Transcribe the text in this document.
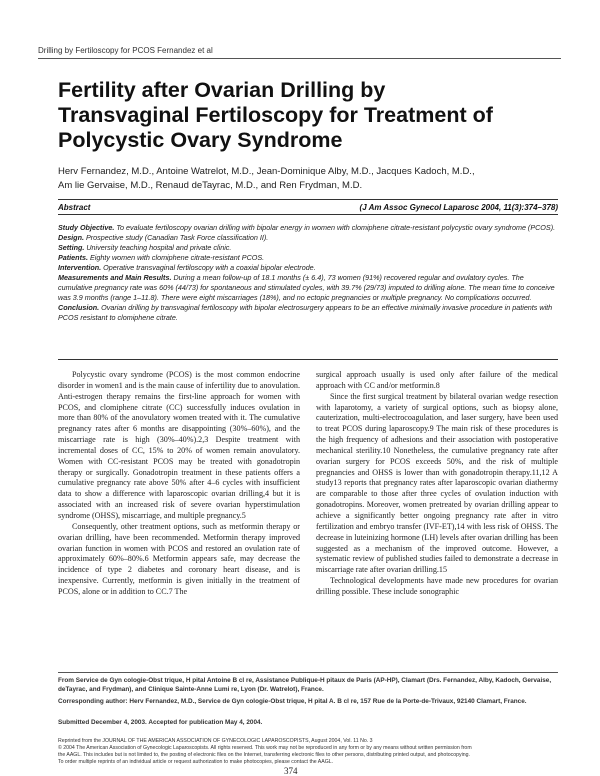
Drilling by Fertiloscopy for PCOS Fernandez et al
Fertility after Ovarian Drilling by
Transvaginal Fertiloscopy for Treatment of
Polycystic Ovary Syndrome
Herv Fernandez, M.D., Antoine Watrelot, M.D., Jean-Dominique Alby, M.D., Jacques Kadoch, M.D.,
Am lie Gervaise, M.D., Renaud deTayrac, M.D., and Ren Frydman, M.D.
Abstract	(J Am Assoc Gynecol Laparosc 2004, 11(3):374–378)

Study Objective. To evaluate fertiloscopy ovarian drilling with bipolar energy in women with clomiphene citrate-resistant polycystic ovary syndrome (PCOS).

Design. Prospective study (Canadian Task Force classification II).

Setting. University teaching hospital and private clinic.

Patients. Eighty women with clomiphene citrate-resistant PCOS.

Intervention. Operative transvaginal fertiloscopy with a coaxial bipolar electrode.

Measurements and Main Results. During a mean follow-up of 18.1 months (± 6.4), 73 women (91%) recovered regular and ovulatory cycles. The cumulative pregnancy rate was 60% (44/73) for spontaneous and stimulated cycles, with 39.7% (29/73) imputed to drilling alone. The mean time to conceive was 3.9 months (range 1–11.8). There were eight miscarriages (18%), and no ectopic pregnancies or multiple pregnancy. No complications occurred.

Conclusion. Ovarian drilling by transvaginal fertiloscopy with bipolar electrosurgery appears to be an effective minimally invasive procedure in patients with PCOS resistant to clomiphene citrate.

Polycystic ovary syndrome (PCOS) is the most common endocrine disorder in women1 and is the main cause of infertility due to anovulation. Anti-estrogen therapy remains the first-line approach for women with PCOS, and clomiphene citrate (CC) successfully induces ovulation in more than 80% of the anovulatory women treated with it. The cumulative pregnancy rates after 6 months are disappointing (30%–60%), and the miscarriage rate is high (30%–40%).2,3 Despite treatment with incremental doses of CC, 15% to 20% of women remain anovulatory. Women with CC-resistant PCOS may be treated with gonadotropin therapy or surgically. Gonadotropin treatment in these patients offers a cumulative pregnancy rate above 50% after 4–6 cycles with insufficient data to show a difference with laparoscopic ovarian drilling,4 but it is associated with an increased risk of severe ovarian hyperstimulation syndrome (OHSS), miscarriage, and multiple pregnancy.5

Consequently, other treatment options, such as metformin therapy or ovarian drilling, have been recommended. Metformin therapy improved ovarian function in women with PCOS and restored an ovulation rate of approximately 60%–80%.6 Metformin appears safe, may decrease the incidence of type 2 diabetes and coronary heart disease, and is inexpensive. Currently, metformin is given initially in the treatment of PCOS, alone or in addition to CC.7 The

surgical approach usually is used only after failure of the medical approach with CC and/or metformin.8

Since the first surgical treatment by bilateral ovarian wedge resection with laparotomy, a variety of surgical options, such as biopsy alone, cauterization, multi-electrocoagulation, and laser surgery, have been used to treat PCOS during laparoscopy.9 The main risk of these procedures is the high frequency of adhesions and their association with postoperative mechanical sterility.10 Nonetheless, the cumulative pregnancy rate after ovarian surgery for PCOS exceeds 50%, and the risk of multiple pregnancies and OHSS is lower than with gonadotropin therapy.11,12 A study13 reports that pregnancy rates after laparoscopic ovarian diathermy are comparable to those after three cycles of ovulation induction with gonadotropins. Moreover, women pretreated by ovarian drilling appear to achieve a significantly better ongoing pregnancy rate after in vitro fertilization and embryo transfer (IVF-ET),14 with less risk of OHSS. The decrease in luteinizing hormone (LH) levels after ovarian drilling has been suggested as a mechanism of the improved outcome. However, a systematic review of published studies failed to demonstrate a decrease in miscarriage rate after ovarian drilling.15

Technological developments have made new procedures for ovarian drilling possible. These include sonographic

From Service de Gyn cologie-Obst trique, H pital Antoine B cl re, Assistance Publique-H pitaux de Paris (AP-HP), Clamart (Drs. Fernandez, Alby, Kadoch, Gervaise, deTayrac, and Frydman), and Clinique Sainte-Anne Lumi re, Lyon (Dr. Watrelot), France.
Corresponding author: Herv Fernandez, M.D., Service de Gyn cologie-Obst trique, H pital A. B cl re, 157 Rue de la Porte-de-Trivaux, 92140 Clamart, France.
Submitted December 4, 2003. Accepted for publication May 4, 2004.
Reprinted from the JOURNAL OF THE AMERICAN ASSOCIATION OF GYNECOLOGIC LAPAROSCOPISTS, August 2004, Vol. 11 No. 3
© 2004 The American Association of Gynecologic Laparoscopists. All rights reserved. This work may not be reproduced in any form or by any means without written permission from
the AAGL. This includes but is not limited to, the posting of electronic files on the Internet, transferring electronic files to other persons, distributing printed output, and photocopying.
To order multiple reprints of an individual article or request authorization to make photocopies, please contact the AAGL.
374
